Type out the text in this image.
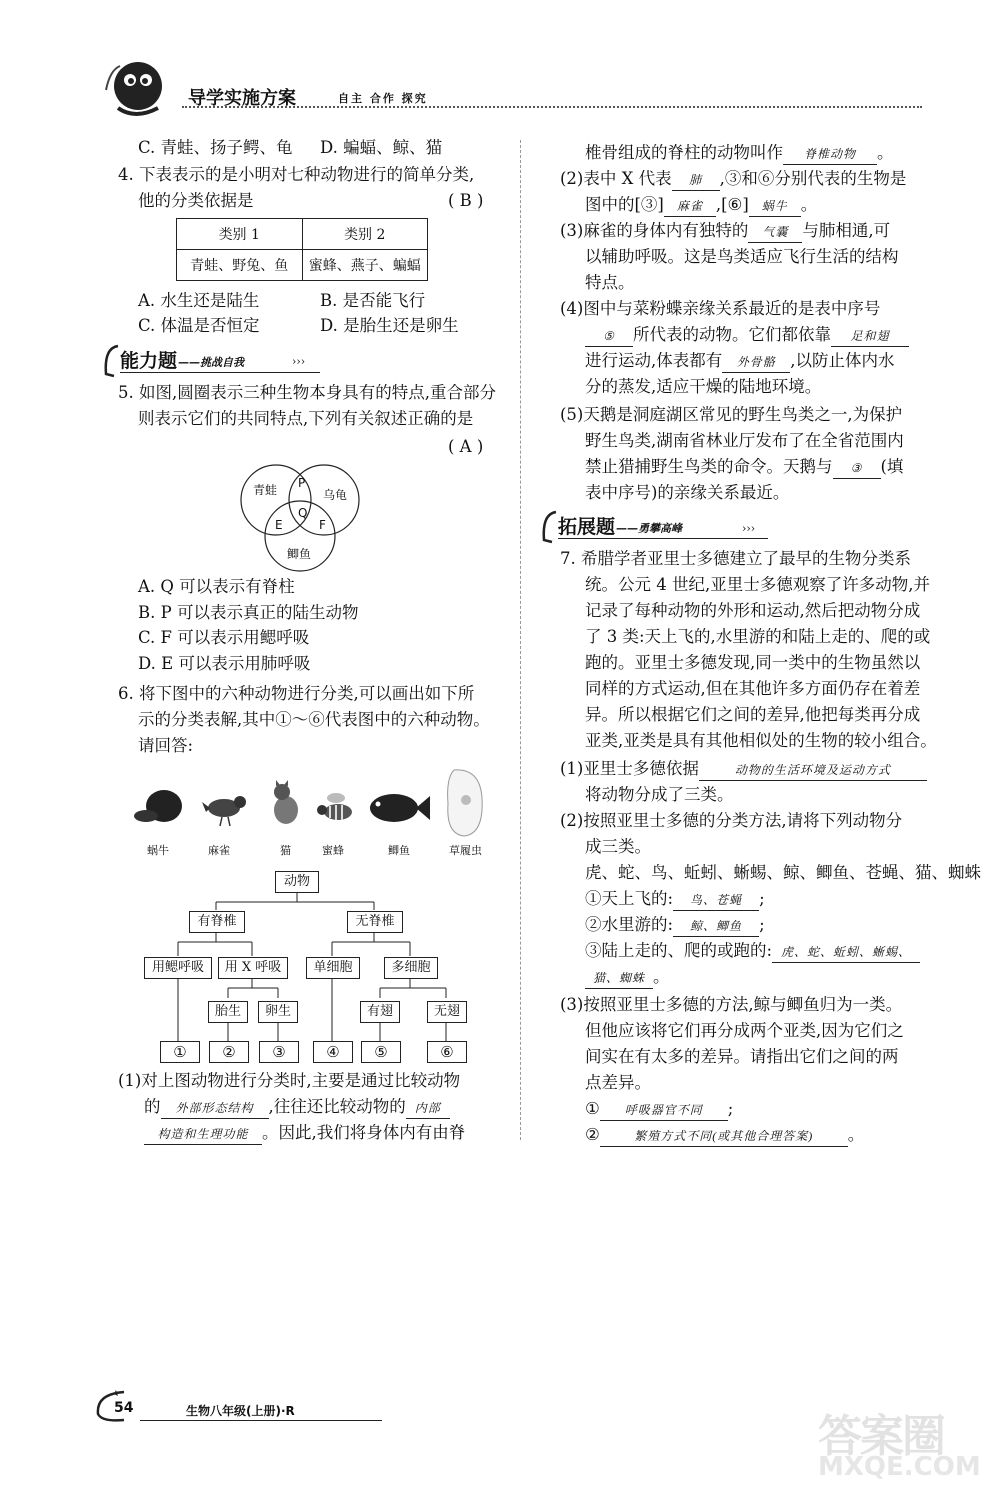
导学实施方案	自主 合作 探究
C. 青蛙、扬子鳄、龟 D. 蝙蝠、鲸、猫
4. 下表表示的是小明对七种动物进行的简单分类,
他的分类依据是	( B )
类别 1	类别 2
青蛙、野兔、鱼	蜜蜂、燕子、蝙蝠
A. 水生还是陆生	B. 是否能飞行
C. 体温是否恒定	D. 是胎生还是卵生
能力题 ——挑战自我	›››
5. 如图,圆圈表示三种生物本身具有的特点,重合部分
则表示它们的共同特点,下列有关叙述正确的是
( A )
青蛙	乌龟
鲫鱼
P
Q
E	F
A. Q 可以表示有脊柱
B. P 可以表示真正的陆生动物
C. F 可以表示用鳃呼吸
D. E 可以表示用肺呼吸
6. 将下图中的六种动物进行分类,可以画出如下所
示的分类表解,其中①～⑥代表图中的六种动物。
请回答:
蜗牛	麻雀	猫	蜜蜂	鲫鱼	草履虫
动物
有脊椎	无脊椎
用鳃呼吸	用 X 呼吸	单细胞	多细胞
胎生	卵生	有翅	无翅
①	②	③	④	⑤	⑥
(1)对上图动物进行分类时,主要是通过比较动物
的 外部形态结构 ,往往还比较动物的 内部
构造和生理功能 。因此,我们将身体内有由脊
椎骨组成的脊柱的动物叫作 脊椎动物 。
(2)表中 X 代表 肺 ,③和⑥分别代表的生物是
图中的[③] 麻雀 ,[⑥] 蜗牛 。
(3)麻雀的身体内有独特的 气囊 与肺相通,可
以辅助呼吸。这是鸟类适应飞行生活的结构
特点。
(4)图中与菜粉蝶亲缘关系最近的是表中序号
⑤ 所代表的动物。它们都依靠 足和翅
进行运动,体表都有 外骨骼 ,以防止体内水
分的蒸发,适应干燥的陆地环境。
(5)天鹅是洞庭湖区常见的野生鸟类之一,为保护
野生鸟类,湖南省林业厅发布了在全省范围内
禁止猎捕野生鸟类的命令。天鹅与 ③ (填
表中序号)的亲缘关系最近。
拓展题 ——勇攀高峰	›››
7. 希腊学者亚里士多德建立了最早的生物分类系
统。公元 4 世纪,亚里士多德观察了许多动物,并
记录了每种动物的外形和运动,然后把动物分成
了 3 类:天上飞的,水里游的和陆上走的、爬的或
跑的。亚里士多德发现,同一类中的生物虽然以
同样的方式运动,但在其他许多方面仍存在着差
异。所以根据它们之间的差异,他把每类再分成
亚类,亚类是具有其他相似处的生物的较小组合。
(1)亚里士多德依据	动物的生活环境及运动方式
将动物分成了三类。
(2)按照亚里士多德的分类方法,请将下列动物分
成三类。
虎、蛇、鸟、蚯蚓、蜥蜴、鲸、鲫鱼、苍蝇、猫、蜘蛛
①天上飞的: 鸟、苍蝇 ;
②水里游的: 鲸、鲫鱼 ;
③陆上走的、爬的或跑的: 虎、蛇、蚯蚓、蜥蜴、
猫、蜘蛛 。
(3)按照亚里士多德的方法,鲸与鲫鱼归为一类。
但他应该将它们再分成两个亚类,因为它们之
间实在有太多的差异。请指出它们之间的两
点差异。
① 呼吸器官不同 ;
②	繁殖方式不同(或其他合理答案) 。
54	生物八年级(上册)·R	答案圈
MXQE.COM
